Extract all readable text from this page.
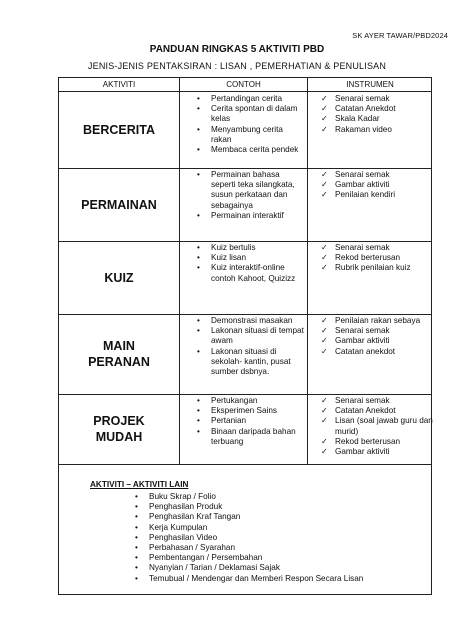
SK AYER TAWAR/PBD2024
PANDUAN RINGKAS 5 AKTIVITI PBD
JENIS-JENIS PENTAKSIRAN : LISAN , PEMERHATIAN & PENULISAN
AKTIVITI	CONTOH	INSTRUMEN
BERCERITA
• Pertandingan cerita
• Cerita spontan di dalam kelas
• Menyambung cerita rakan
• Membaca cerita pendek
✓ Senarai semak
✓ Catatan Anekdot
✓ Skala Kadar
✓ Rakaman video
PERMAINAN
• Permainan bahasa seperti teka silangkata, susun perkataan dan sebagainya
• Permainan interaktif
✓ Senarai semak
✓ Gambar aktiviti
✓ Penilaian kendiri
KUIZ
• Kuiz bertulis
• Kuiz lisan
• Kuiz interaktif-online contoh Kahoot, Quizizz
✓ Senarai semak
✓ Rekod berterusan
✓ Rubrik penilaian kuiz
MAIN PERANAN
• Demonstrasi masakan
• Lakonan situasi di tempat awam
• Lakonan situasi di sekolah- kantin, pusat sumber dsbnya.
✓ Penilaian rakan sebaya
✓ Senarai semak
✓ Gambar aktiviti
✓ Catatan anekdot
PROJEK MUDAH
• Pertukangan
• Eksperimen Sains
• Pertanian
• Binaan daripada bahan terbuang
✓ Senarai semak
✓ Catatan Anekdot
✓ Lisan (soal jawab guru dan murid)
✓ Rekod berterusan
✓ Gambar aktiviti
AKTIVITI – AKTIVITI LAIN
• Buku Skrap / Folio
• Penghasilan Produk
• Penghasilan Kraf Tangan
• Kerja Kumpulan
• Penghasilan Video
• Perbahasan / Syarahan
• Pembentangan / Persembahan
• Nyanyian / Tarian / Deklamasi Sajak
• Temubual / Mendengar dan Memberi Respon Secara Lisan
